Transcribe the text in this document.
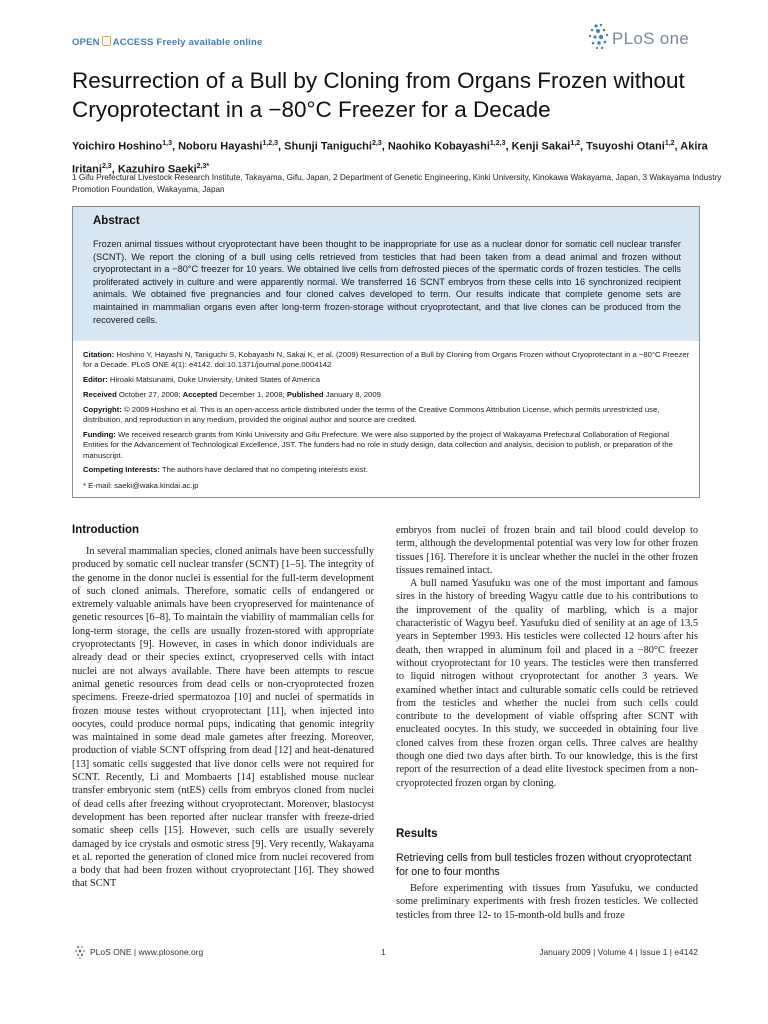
OPEN ACCESS Freely available online	PLoS one
Resurrection of a Bull by Cloning from Organs Frozen without Cryoprotectant in a −80°C Freezer for a Decade
Yoichiro Hoshino$^{1,3}$, Noboru Hayashi$^{1,2,3}$, Shunji Taniguchi$^{2,3}$, Naohiko Kobayashi$^{1,2,3}$, Kenji Sakai$^{1,2}$, Tsuyoshi Otani$^{1,2}$, Akira Iritani$^{2,3}$, Kazuhiro Saeki$^{2,3*}$
1 Gifu Prefectural Livestock Research Institute, Takayama, Gifu, Japan, 2 Department of Genetic Engineering, Kinki University, Kinokawa Wakayama, Japan, 3 Wakayama Industry Promotion Foundation, Wakayama, Japan
Abstract
Frozen animal tissues without cryoprotectant have been thought to be inappropriate for use as a nuclear donor for somatic cell nuclear transfer (SCNT). We report the cloning of a bull using cells retrieved from testicles that had been taken from a dead animal and frozen without cryoprotectant in a −80°C freezer for 10 years. We obtained live cells from defrosted pieces of the spermatic cords of frozen testicles. The cells proliferated actively in culture and were apparently normal. We transferred 16 SCNT embryos from these cells into 16 synchronized recipient animals. We obtained five pregnancies and four cloned calves developed to term. Our results indicate that complete genome sets are maintained in mammalian organs even after long-term frozen-storage without cryoprotectant, and that live clones can be produced from the recovered cells.
Citation: Hoshino Y, Hayashi N, Taniguchi S, Kobayashi N, Sakai K, et al. (2009) Resurrection of a Bull by Cloning from Organs Frozen without Cryoprotectant in a −80°C Freezer for a Decade. PLoS ONE 4(1): e4142. doi:10.1371/journal.pone.0004142
Editor: Hiroaki Matsunami, Duke Unviersity, United States of America
Received October 27, 2008; Accepted December 1, 2008; Published January 8, 2009
Copyright: © 2009 Hoshino et al. This is an open-access article distributed under the terms of the Creative Commons Attribution License, which permits unrestricted use, distribution, and reproduction in any medium, provided the original author and source are credited.
Funding: We received research grants from Kinki University and Gifu Prefecture. We were also supported by the project of Wakayama Prefectural Collaboration of Regional Entities for the Advancement of Technological Excellence, JST. The funders had no role in study design, data collection and analysis, decision to publish, or preparation of the manuscript.
Competing Interests: The authors have declared that no competing interests exist.
* E-mail: saeki@waka.kindai.ac.jp
Introduction

In several mammalian species, cloned animals have been successfully produced by somatic cell nuclear transfer (SCNT) [1–5]. The integrity of the genome in the donor nuclei is essential for the full-term development of such cloned animals. Therefore, somatic cells of endangered or extremely valuable animals have been cryopreserved for maintenance of genetic resources [6–8]. To maintain the viability of mammalian cells for long-term storage, the cells are usually frozen-stored with appropriate cryoprotectants [9]. However, in cases in which donor individuals are already dead or their species extinct, cryopreserved cells with intact nuclei are not always available. There have been attempts to rescue animal genetic resources from dead cells or non-cryoprotected frozen specimens. Freeze-dried spermatozoa [10] and nuclei of spermatids in frozen mouse testes without cryoprotectant [11], when injected into oocytes, could produce normal pups, indicating that genomic integrity was maintained in some dead male gametes after freezing. Moreover, production of viable SCNT offspring from dead [12] and heat-denatured [13] somatic cells suggested that live donor cells were not required for SCNT. Recently, Li and Mombaerts [14] established mouse nuclear transfer embryonic stem (ntES) cells from embryos cloned from nuclei of dead cells after freezing without cryoprotectant. Moreover, blastocyst development has been reported after nuclear transfer with freeze-dried somatic sheep cells [15]. However, such cells are usually severely damaged by ice crystals and osmotic stress [9]. Very recently, Wakayama et al. reported the generation of cloned mice from nuclei recovered from a body that had been frozen without cryoprotectant [16]. They showed that SCNT

embryos from nuclei of frozen brain and tail blood could develop to term, although the developmental potential was very low for other frozen tissues [16]. Therefore it is unclear whether the nuclei in the other frozen tissues remained intact.

A bull named Yasufuku was one of the most important and famous sires in the history of breeding Wagyu cattle due to his contributions to the improvement of the quality of marbling, which is a major characteristic of Wagyu beef. Yasufuku died of senility at an age of 13.5 years in September 1993. His testicles were collected 12 hours after his death, then wrapped in aluminum foil and placed in a −80°C freezer without cryoprotectant for 10 years. The testicles were then transferred to liquid nitrogen without cryoprotectant for another 3 years. We examined whether intact and culturable somatic cells could be retrieved from the testicles and whether the nuclei from such cells could contribute to the development of viable offspring after SCNT with enucleated oocytes. In this study, we succeeded in obtaining four live cloned calves from these frozen organ cells. Three calves are healthy though one died two days after birth. To our knowledge, this is the first report of the resurrection of a dead elite livestock specimen from a non-cryoprotected frozen organ by cloning.

Results
Retrieving cells from bull testicles frozen without cryoprotectant for one to four months

Before experimenting with tissues from Yasufuku, we conducted some preliminary experiments with fresh frozen testicles. We collected testicles from three 12- to 15-month-old bulls and froze

PLoS ONE | www.plosone.org	1	January 2009 | Volume 4 | Issue 1 | e4142
